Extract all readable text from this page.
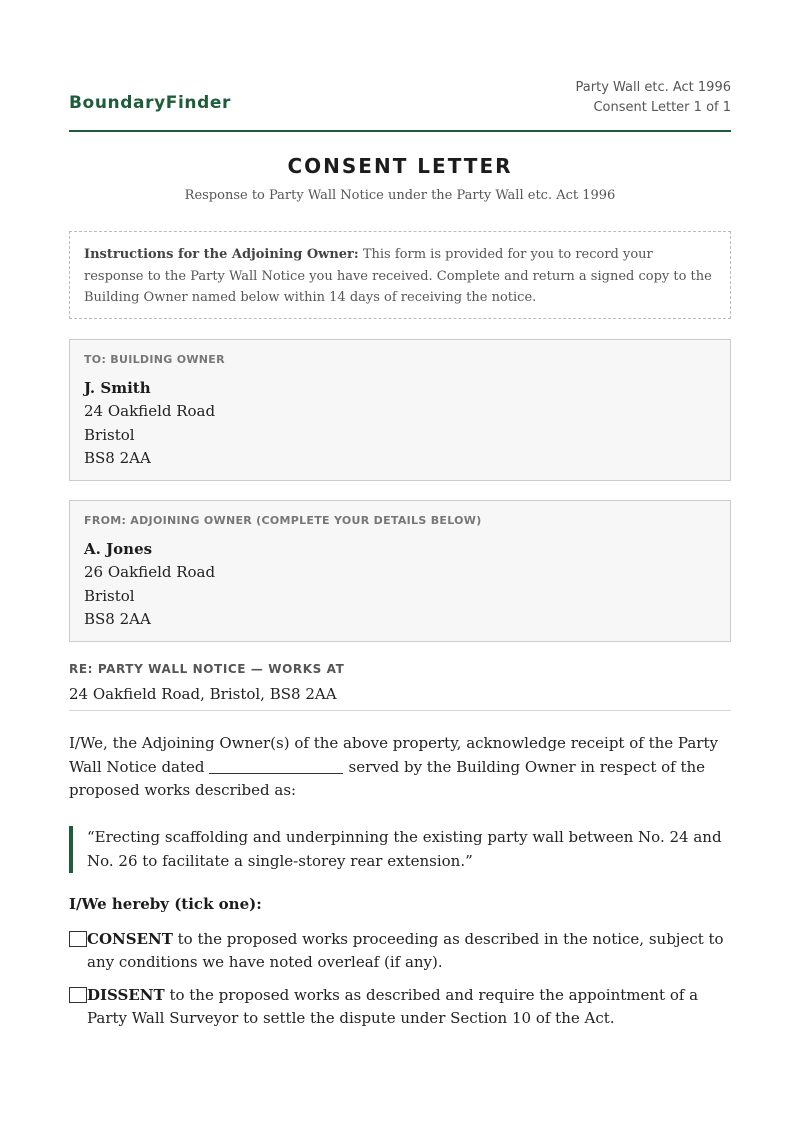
BoundaryFinder
Party Wall etc. Act 1996
Consent Letter 1 of 1
CONSENT LETTER
Response to Party Wall Notice under the Party Wall etc. Act 1996
Instructions for the Adjoining Owner: This form is provided for you to record your response to the Party Wall Notice you have received. Complete and return a signed copy to the Building Owner named below within 14 days of receiving the notice.
TO: BUILDING OWNER
J. Smith
24 Oakfield Road
Bristol
BS8 2AA
FROM: ADJOINING OWNER (COMPLETE YOUR DETAILS BELOW)
A. Jones
26 Oakfield Road
Bristol
BS8 2AA
RE: PARTY WALL NOTICE — WORKS AT
24 Oakfield Road, Bristol, BS8 2AA
I/We, the Adjoining Owner(s) of the above property, acknowledge receipt of the Party Wall Notice dated	served by the Building Owner in respect of the proposed works described as:
“Erecting scaffolding and underpinning the existing party wall between No. 24 and No. 26 to facilitate a single-storey rear extension.”
I/We hereby (tick one):
CONSENT to the proposed works proceeding as described in the notice, subject to any conditions we have noted overleaf (if any).
DISSENT to the proposed works as described and require the appointment of a Party Wall Surveyor to settle the dispute under Section 10 of the Act.
